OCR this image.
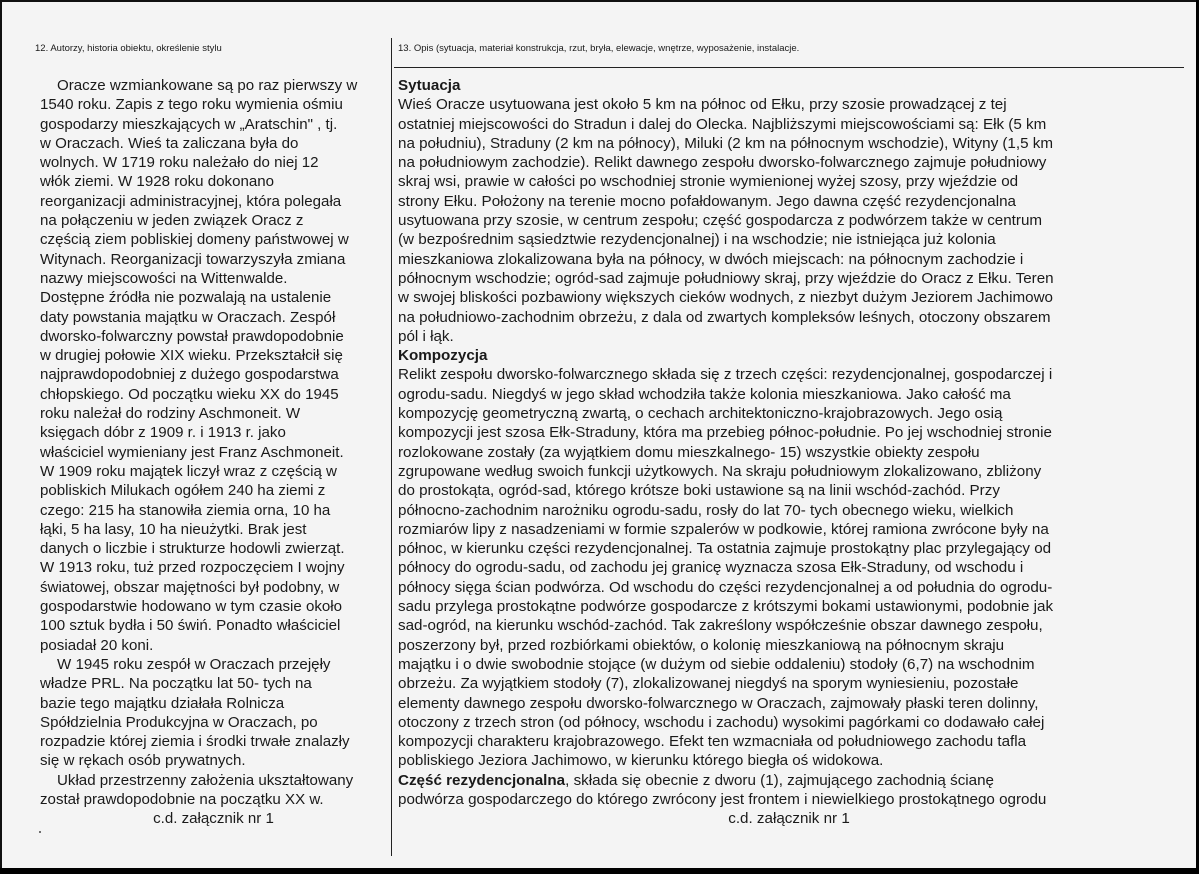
12. Autorzy, historia obiektu, określenie stylu
Oracze wzmiankowane są po raz pierwszy w
1540 roku. Zapis z tego roku wymienia ośmiu
gospodarzy mieszkających w „Aratschin" , tj.
w Oraczach. Wieś ta zaliczana była do
wolnych. W 1719 roku należało do niej 12
włók ziemi. W 1928 roku dokonano
reorganizacji administracyjnej, która polegała
na połączeniu w jeden związek Oracz z
częścią ziem pobliskiej domeny państwowej w
Witynach. Reorganizacji towarzyszyła zmiana
nazwy miejscowości na Wittenwalde.
Dostępne źródła nie pozwalają na ustalenie
daty powstania majątku w Oraczach. Zespół
dworsko-folwarczny powstał prawdopodobnie
w drugiej połowie XIX wieku. Przekształcił się
najprawdopodobniej z dużego gospodarstwa
chłopskiego. Od początku wieku XX do 1945
roku należał do rodziny Aschmoneit. W
księgach dóbr z 1909 r. i 1913 r. jako
właściciel wymieniany jest Franz Aschmoneit.
W 1909 roku majątek liczył wraz z częścią w
pobliskich Milukach ogółem 240 ha ziemi z
czego: 215 ha stanowiła ziemia orna, 10 ha
łąki, 5 ha lasy, 10 ha nieużytki. Brak jest
danych o liczbie i strukturze hodowli zwierząt.
W 1913 roku, tuż przed rozpoczęciem I wojny
światowej, obszar majętności był podobny, w
gospodarstwie hodowano w tym czasie około
100 sztuk bydła i 50 świń. Ponadto właściciel
posiadał 20 koni.
W 1945 roku zespół w Oraczach przejęły
władze PRL. Na początku lat 50- tych na
bazie tego majątku działała Rolnicza
Spółdzielnia Produkcyjna w Oraczach, po
rozpadzie której ziemia i środki trwałe znalazły
się w rękach osób prywatnych.
Układ przestrzenny założenia ukształtowany
został prawdopodobnie na początku XX w.
c.d. załącznik nr 1
13. Opis (sytuacja, materiał konstrukcja, rzut, bryła, elewacje, wnętrze, wyposażenie, instalacje.
Sytuacja
Wieś Oracze usytuowana jest około 5 km na północ od Ełku, przy szosie prowadzącej z tej
ostatniej miejscowości do Stradun i dalej do Olecka. Najbliższymi miejscowościami są: Ełk (5 km
na południu), Straduny (2 km na północy), Miluki (2 km na północnym wschodzie), Wityny (1,5 km
na południowym zachodzie). Relikt dawnego zespołu dworsko-folwarcznego zajmuje południowy
skraj wsi, prawie w całości po wschodniej stronie wymienionej wyżej szosy, przy wjeździe od
strony Ełku. Położony na terenie mocno pofałdowanym. Jego dawna część rezydencjonalna
usytuowana przy szosie, w centrum zespołu; część gospodarcza z podwórzem także w centrum
(w bezpośrednim sąsiedztwie rezydencjonalnej) i na wschodzie; nie istniejąca już kolonia
mieszkaniowa zlokalizowana była na północy, w dwóch miejscach: na północnym zachodzie i
północnym wschodzie; ogród-sad zajmuje południowy skraj, przy wjeździe do Oracz z Ełku. Teren
w swojej bliskości pozbawiony większych cieków wodnych, z niezbyt dużym Jeziorem Jachimowo
na południowo-zachodnim obrzeżu, z dala od zwartych kompleksów leśnych, otoczony obszarem
pól i łąk.
Kompozycja
Relikt zespołu dworsko-folwarcznego składa się z trzech części: rezydencjonalnej, gospodarczej i
ogrodu-sadu. Niegdyś w jego skład wchodziła także kolonia mieszkaniowa. Jako całość ma
kompozycję geometryczną zwartą, o cechach architektoniczno-krajobrazowych. Jego osią
kompozycji jest szosa Ełk-Straduny, która ma przebieg północ-południe. Po jej wschodniej stronie
rozlokowane zostały (za wyjątkiem domu mieszkalnego- 15) wszystkie obiekty zespołu
zgrupowane według swoich funkcji użytkowych. Na skraju południowym zlokalizowano, zbliżony
do prostokąta, ogród-sad, którego krótsze boki ustawione są na linii wschód-zachód. Przy
północno-zachodnim narożniku ogrodu-sadu, rosły do lat 70- tych obecnego wieku, wielkich
rozmiarów lipy z nasadzeniami w formie szpalerów w podkowie, której ramiona zwrócone były na
północ, w kierunku części rezydencjonalnej. Ta ostatnia zajmuje prostokątny plac przylegający od
północy do ogrodu-sadu, od zachodu jej granicę wyznacza szosa Ełk-Straduny, od wschodu i
północy sięga ścian podwórza. Od wschodu do części rezydencjonalnej a od południa do ogrodu-
sadu przylega prostokątne podwórze gospodarcze z krótszymi bokami ustawionymi, podobnie jak
sad-ogród, na kierunku wschód-zachód. Tak zakreślony współcześnie obszar dawnego zespołu,
poszerzony był, przed rozbiórkami obiektów, o kolonię mieszkaniową na północnym skraju
majątku i o dwie swobodnie stojące (w dużym od siebie oddaleniu) stodoły (6,7) na wschodnim
obrzeżu. Za wyjątkiem stodoły (7), zlokalizowanej niegdyś na sporym wyniesieniu, pozostałe
elementy dawnego zespołu dworsko-folwarcznego w Oraczach, zajmowały płaski teren dolinny,
otoczony z trzech stron (od północy, wschodu i zachodu) wysokimi pagórkami co dodawało całej
kompozycji charakteru krajobrazowego. Efekt ten wzmacniała od południowego zachodu tafla
pobliskiego Jeziora Jachimowo, w kierunku którego biegła oś widokowa.
Część rezydencjonalna, składa się obecnie z dworu (1), zajmującego zachodnią ścianę
podwórza gospodarczego do którego zwrócony jest frontem i niewielkiego prostokątnego ogrodu
c.d. załącznik nr 1
